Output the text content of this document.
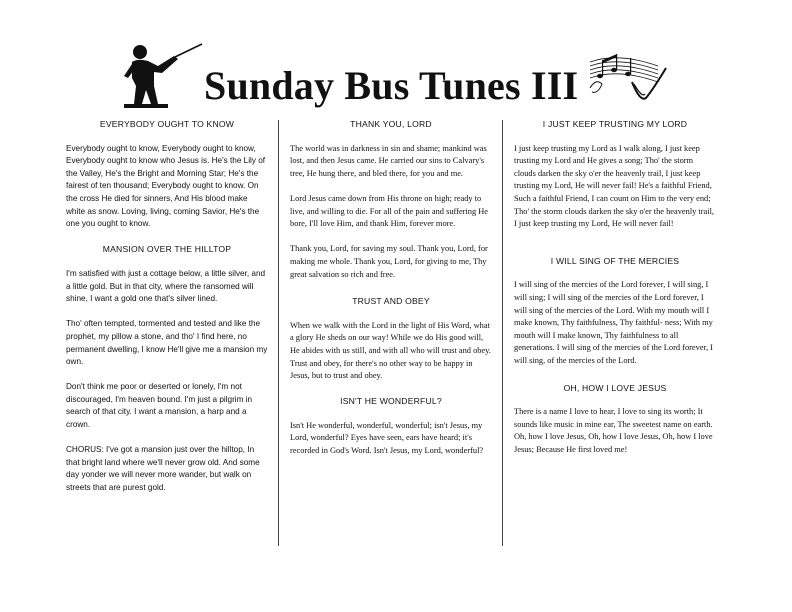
Sunday Bus Tunes III
EVERYBODY OUGHT TO KNOW

Everybody ought to know, Everybody ought to know, Everybody ought to know who Jesus is. He's the Lily of the Valley, He's the Bright and Morning Star; He's the fairest of ten thousand; Everybody ought to know. On the cross He died for sinners, And His blood make white as snow. Loving, living, coming Savior, He's the one you ought to know.

MANSION OVER THE HILLTOP

I'm satisfied with just a cottage below, a little silver, and a little gold. But in that city, where the ransomed will shine, I want a gold one that's silver lined.

Tho' often tempted, tormented and tested and like the prophet, my pillow a stone, and tho' I find here, no permanent dwelling, I know He'll give me a mansion my own.

Don't think me poor or deserted or lonely, I'm not discouraged, I'm heaven bound. I'm just a pilgrim in search of that city. I want a mansion, a harp and a crown.

CHORUS: I've got a mansion just over the hilltop, In that bright land where we'll never grow old. And some day yonder we will never more wander, but walk on streets that are purest gold.

THANK YOU, LORD

The world was in darkness in sin and shame; mankind was lost, and then Jesus came. He carried our sins to Calvary's tree, He hung there, and bled there, for you and me.

Lord Jesus came down from His throne on high; ready to live, and willing to die. For all of the pain and suffering He bore, I'll love Him, and thank Him, forever more.

Thank you, Lord, for saving my soul. Thank you, Lord, for making me whole. Thank you, Lord, for giving to me, Thy great salvation so rich and free.

TRUST AND OBEY

When we walk with the Lord in the light of His Word, what a glory He sheds on our way! While we do His good will, He abides with us still, and with all who will trust and obey. Trust and obey, for there's no other way to be happy in Jesus, but to trust and obey.

ISN'T HE WONDERFUL?

Isn't He wonderful, wonderful, wonderful; isn't Jesus, my Lord, wonderful? Eyes have seen, ears have heard; it's recorded in God's Word. Isn't Jesus, my Lord, wonderful?

I JUST KEEP TRUSTING MY LORD

I just keep trusting my Lord as I walk along, I just keep trusting my Lord and He gives a song; Tho' the storm clouds darken the sky o'er the heavenly trail, I just keep trusting my Lord, He will never fail! He's a faithful Friend, Such a faithful Friend, I can count on Him to the very end; Tho' the storm clouds darken the sky o'er the heavenly trail, I just keep trusting my Lord, He will never fail!

I WILL SING OF THE MERCIES

I will sing of the mercies of the Lord forever, I will sing, I will sing; I will sing of the mercies of the Lord forever, I will sing of the mercies of the Lord. With my mouth will I make known, Thy faithfulness, Thy faithful- ness; With my mouth will I make known, Thy faithfulness to all generations. I will sing of the mercies of the Lord forever, I will sing, of the mercies of the Lord.

OH, HOW I LOVE JESUS

There is a name I love to hear, I love to sing its worth; It sounds like music in mine ear, The sweetest name on earth. Oh, how I love Jesus, Oh, how I love Jesus, Oh, how I love Jesus; Because He first loved me!
